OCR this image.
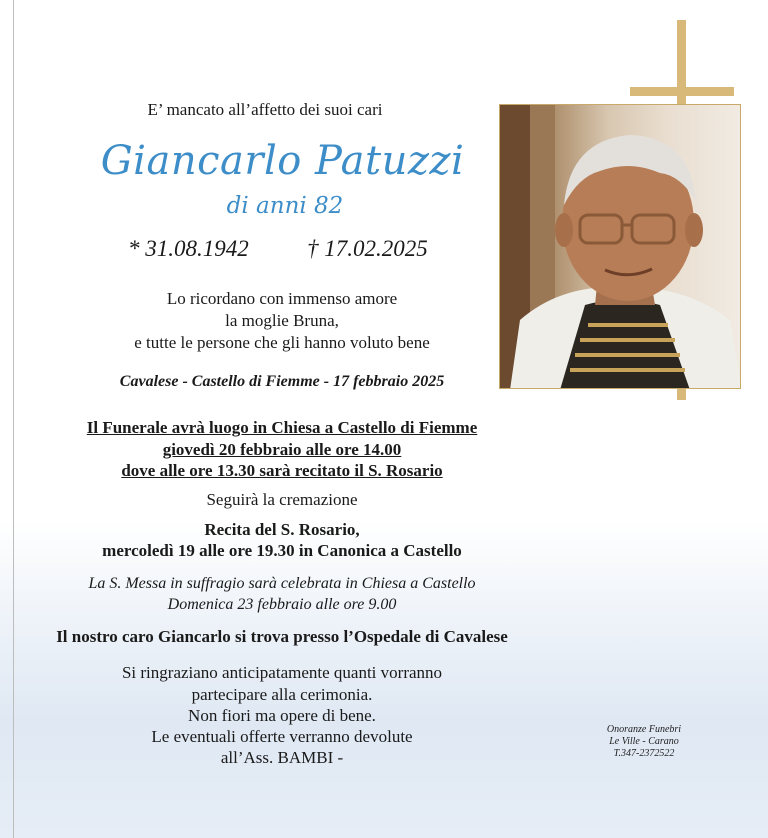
E’ mancato all’affetto dei suoi cari
Giancarlo Patuzzi
di anni 82
* 31.08.1942	† 17.02.2025
Lo ricordano con immenso amore
la moglie Bruna,
e tutte le persone che gli hanno voluto bene
Cavalese - Castello di Fiemme - 17 febbraio 2025
Il Funerale avrà luogo in Chiesa a Castello di Fiemme
giovedì 20 febbraio alle ore 14.00
dove alle ore 13.30 sarà recitato il S. Rosario
Seguirà la cremazione
Recita del S. Rosario,
mercoledì 19 alle ore 19.30 in Canonica a Castello
La S. Messa in suffragio sarà celebrata in Chiesa a Castello
Domenica 23 febbraio alle ore 9.00
Il nostro caro Giancarlo si trova presso l’Ospedale di Cavalese
Si ringraziano anticipatamente quanti vorranno
partecipare alla cerimonia.
Non fiori ma opere di bene.
Le eventuali offerte verranno devolute
all’Ass. BAMBI -
Onoranze Funebri
Le Ville - Carano
T.347-2372522
